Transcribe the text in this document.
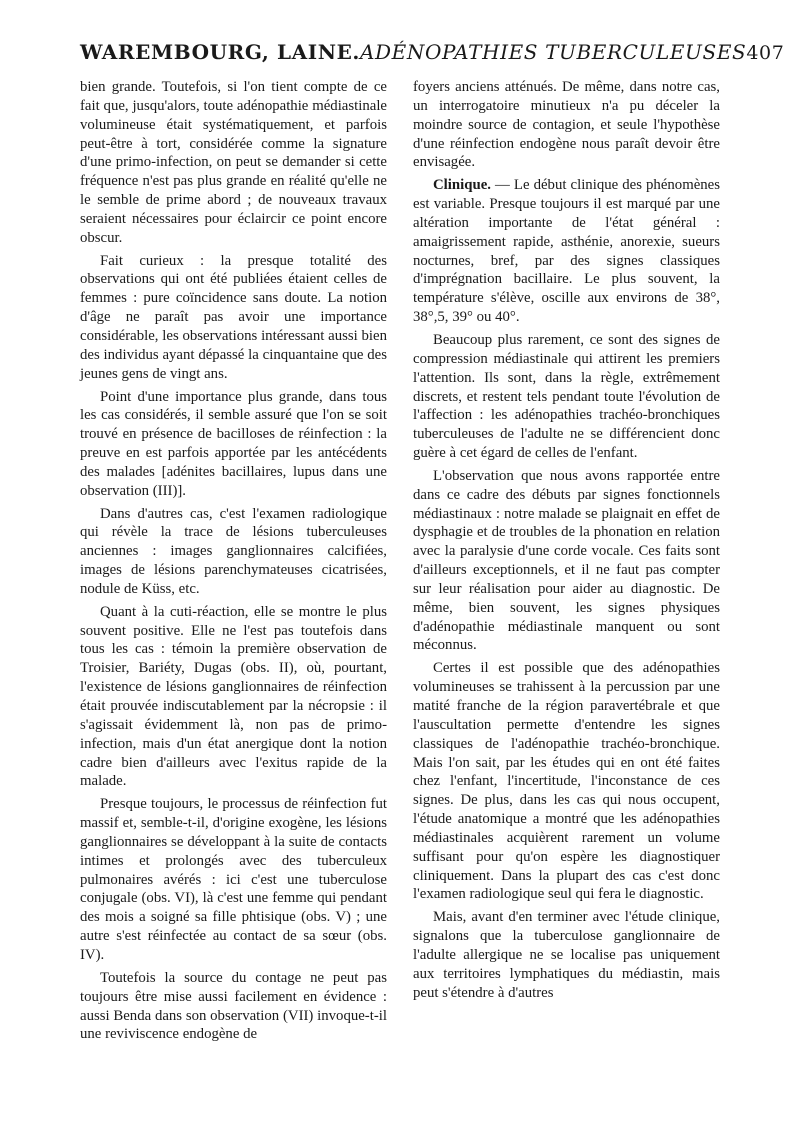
WAREMBOURG, LAINE. ADÉNOPATHIES TUBERCULEUSES 407

bien grande. Toutefois, si l'on tient compte de ce fait que, jusqu'alors, toute adénopathie médiastinale volumineuse était systématiquement, et parfois peut-être à tort, considérée comme la signature d'une primo-infection, on peut se demander si cette fréquence n'est pas plus grande en réalité qu'elle ne le semble de prime abord ; de nouveaux travaux seraient nécessaires pour éclaircir ce point encore obscur.

Fait curieux : la presque totalité des observations qui ont été publiées étaient celles de femmes : pure coïncidence sans doute. La notion d'âge ne paraît pas avoir une importance considérable, les observations intéressant aussi bien des individus ayant dépassé la cinquantaine que des jeunes gens de vingt ans.

Point d'une importance plus grande, dans tous les cas considérés, il semble assuré que l'on se soit trouvé en présence de bacilloses de réinfection : la preuve en est parfois apportée par les antécédents des malades [adénites bacillaires, lupus dans une observation (III)].

Dans d'autres cas, c'est l'examen radiologique qui révèle la trace de lésions tuberculeuses anciennes : images ganglionnaires calcifiées, images de lésions parenchymateuses cicatrisées, nodule de Küss, etc.

Quant à la cuti-réaction, elle se montre le plus souvent positive. Elle ne l'est pas toutefois dans tous les cas : témoin la première observation de Troisier, Bariéty, Dugas (obs. II), où, pourtant, l'existence de lésions ganglionnaires de réinfection était prouvée indiscutablement par la nécropsie : il s'agissait évidemment là, non pas de primo-infection, mais d'un état anergique dont la notion cadre bien d'ailleurs avec l'exitus rapide de la malade.

Presque toujours, le processus de réinfection fut massif et, semble-t-il, d'origine exogène, les lésions ganglionnaires se développant à la suite de contacts intimes et prolongés avec des tuberculeux pulmonaires avérés : ici c'est une tuberculose conjugale (obs. VI), là c'est une femme qui pendant des mois a soigné sa fille phtisique (obs. V) ; une autre s'est réinfectée au contact de sa sœur (obs. IV).

Toutefois la source du contage ne peut pas toujours être mise aussi facilement en évidence : aussi Benda dans son observation (VII) invoque-t-il une reviviscence endogène de

foyers anciens atténués. De même, dans notre cas, un interrogatoire minutieux n'a pu déceler la moindre source de contagion, et seule l'hypothèse d'une réinfection endogène nous paraît devoir être envisagée.

Clinique. — Le début clinique des phénomènes est variable. Presque toujours il est marqué par une altération importante de l'état général : amaigrissement rapide, asthénie, anorexie, sueurs nocturnes, bref, par des signes classiques d'imprégnation bacillaire. Le plus souvent, la température s'élève, oscille aux environs de 38°, 38°,5, 39° ou 40°.

Beaucoup plus rarement, ce sont des signes de compression médiastinale qui attirent les premiers l'attention. Ils sont, dans la règle, extrêmement discrets, et restent tels pendant toute l'évolution de l'affection : les adénopathies trachéo-bronchiques tuberculeuses de l'adulte ne se différencient donc guère à cet égard de celles de l'enfant.

L'observation que nous avons rapportée entre dans ce cadre des débuts par signes fonctionnels médiastinaux : notre malade se plaignait en effet de dysphagie et de troubles de la phonation en relation avec la paralysie d'une corde vocale. Ces faits sont d'ailleurs exceptionnels, et il ne faut pas compter sur leur réalisation pour aider au diagnostic. De même, bien souvent, les signes physiques d'adénopathie médiastinale manquent ou sont méconnus.

Certes il est possible que des adénopathies volumineuses se trahissent à la percussion par une matité franche de la région paravertébrale et que l'auscultation permette d'entendre les signes classiques de l'adénopathie trachéo-bronchique. Mais l'on sait, par les études qui en ont été faites chez l'enfant, l'incertitude, l'inconstance de ces signes. De plus, dans les cas qui nous occupent, l'étude anatomique a montré que les adénopathies médiastinales acquièrent rarement un volume suffisant pour qu'on espère les diagnostiquer cliniquement. Dans la plupart des cas c'est donc l'examen radiologique seul qui fera le diagnostic.

Mais, avant d'en terminer avec l'étude clinique, signalons que la tuberculose ganglionnaire de l'adulte allergique ne se localise pas uniquement aux territoires lymphatiques du médiastin, mais peut s'étendre à d'autres
